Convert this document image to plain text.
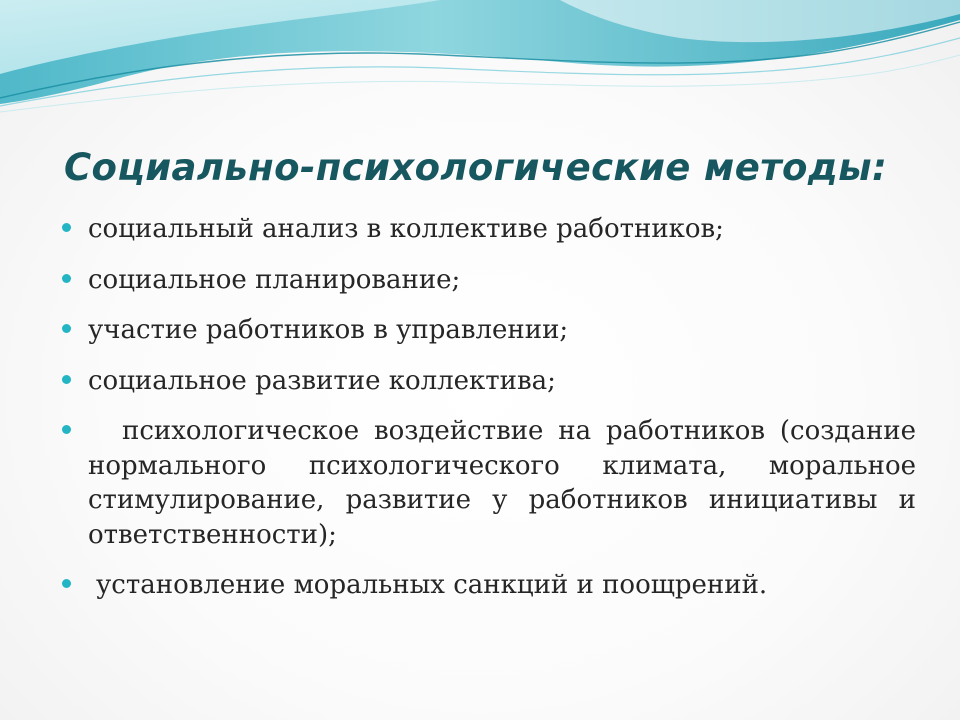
Социально-психологические методы:
социальный анализ в коллективе работников;
социальное планирование;
участие работников в управлении;
социальное развитие коллектива;
психологическое воздействие на работников (создание нормального психологического климата, моральное стимулирование, развитие у работников инициативы и ответственности);
установление моральных санкций и поощрений.
